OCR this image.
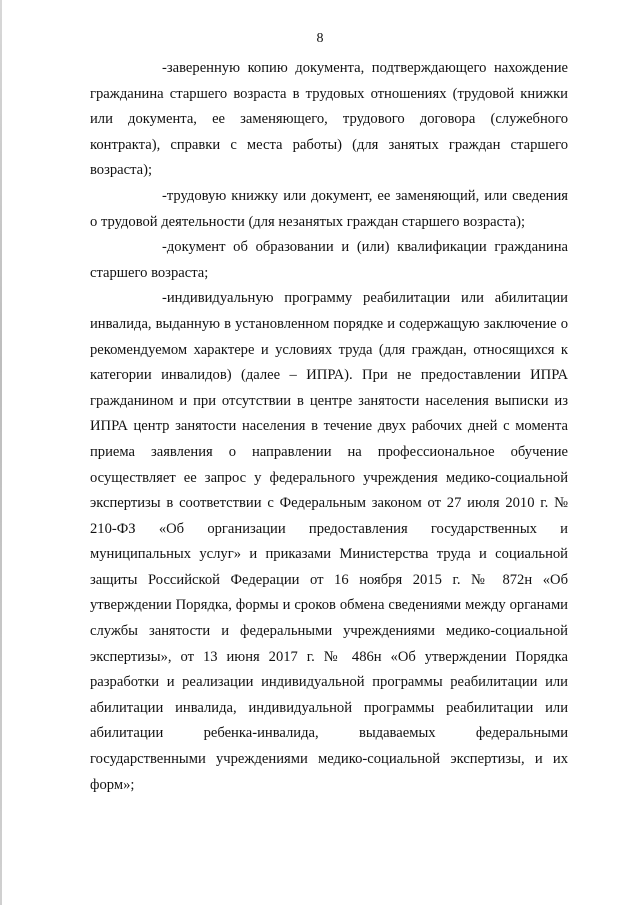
8

-заверенную копию документа, подтверждающего нахождение гражданина старшего возраста в трудовых отношениях (трудовой книжки или документа, ее заменяющего, трудового договора (служебного контракта), справки с места работы) (для занятых граждан старшего возраста);

-трудовую книжку или документ, ее заменяющий, или сведения о трудовой деятельности (для незанятых граждан старшего возраста);

-документ об образовании и (или) квалификации гражданина старшего возраста;

-индивидуальную программу реабилитации или абилитации инвалида, выданную в установленном порядке и содержащую заключение о рекомендуемом характере и условиях труда (для граждан, относящихся к категории инвалидов) (далее – ИПРА). При не предоставлении ИПРА гражданином и при отсутствии в центре занятости населения выписки из ИПРА центр занятости населения в течение двух рабочих дней с момента приема заявления о направлении на профессиональное обучение осуществляет ее запрос у федерального учреждения медико-социальной экспертизы в соответствии с Федеральным законом от 27 июля 2010 г. № 210-ФЗ «Об организации предоставления государственных и муниципальных услуг» и приказами Министерства труда и социальной защиты Российской Федерации от 16 ноября 2015 г. № 872н «Об утверждении Порядка, формы и сроков обмена сведениями между органами службы занятости и федеральными учреждениями медико-социальной экспертизы», от 13 июня 2017 г. № 486н «Об утверждении Порядка разработки и реализации индивидуальной программы реабилитации или абилитации инвалида, индивидуальной программы реабилитации или абилитации ребенка-инвалида, выдаваемых федеральными государственными учреждениями медико-социальной экспертизы, и их форм»;
